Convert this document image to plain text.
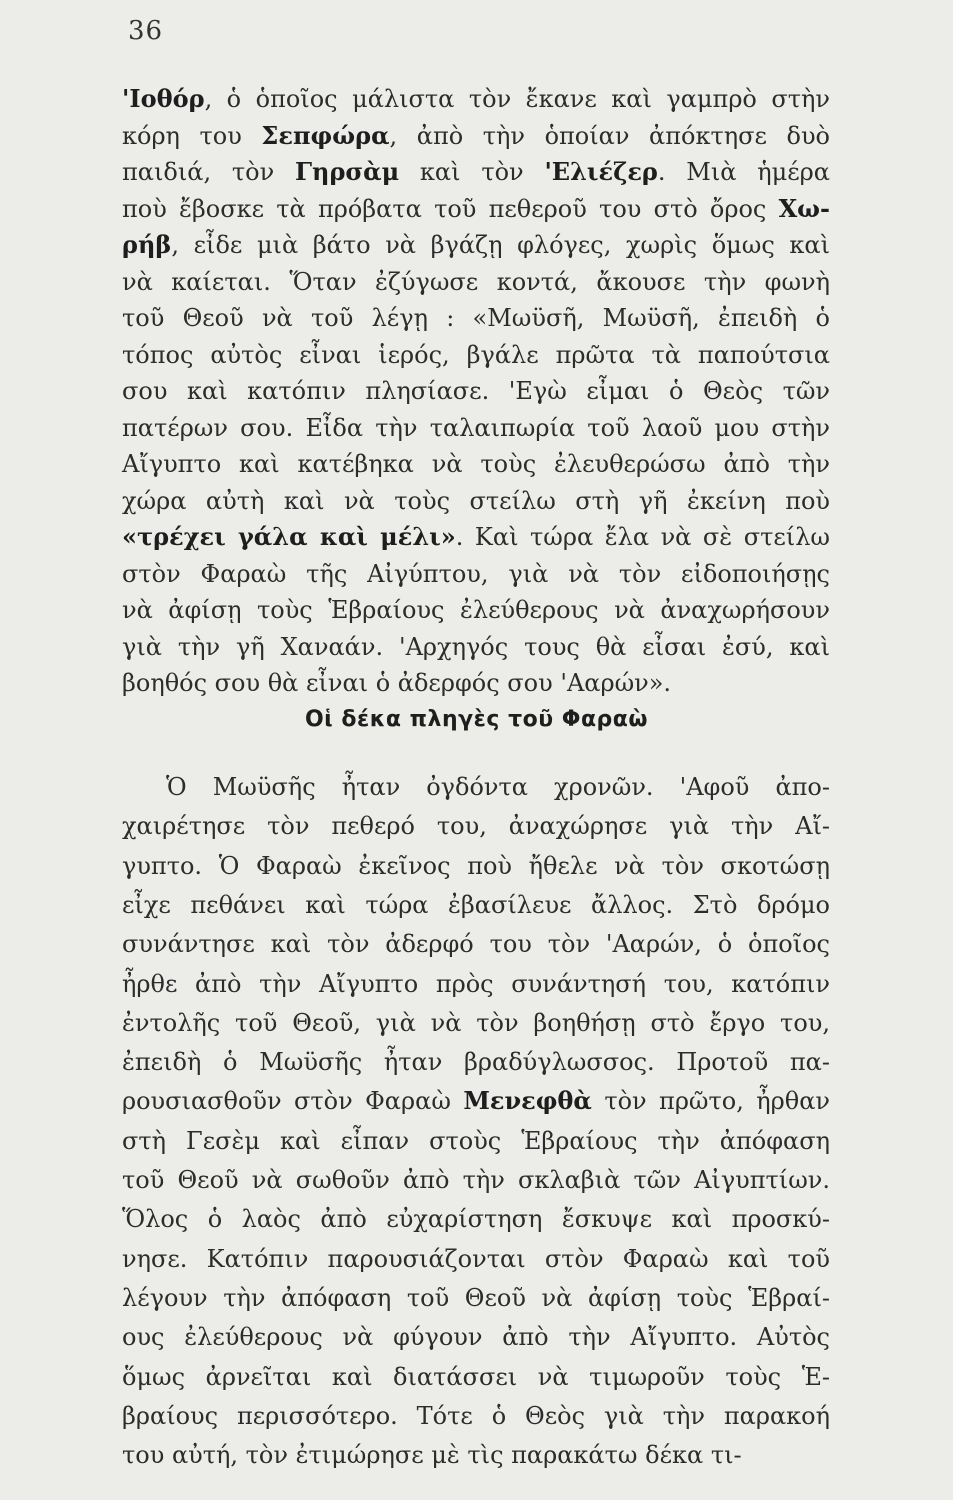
36
'Ιοθόρ, ὁ ὁποῖος μάλιστα τὸν ἔκανε καὶ γαμπρὸ στὴν
κόρη του Σεπφώρα, ἀπὸ τὴν ὁποίαν ἀπόκτησε δυὸ
παιδιά, τὸν Γηρσὰμ καὶ τὸν 'Ελιέζερ. Μιὰ ἡμέρα
ποὺ ἔβοσκε τὰ πρόβατα τοῦ πεθεροῦ του στὸ ὄρος Χω-
ρήβ, εἶδε μιὰ βάτο νὰ βγάζῃ φλόγες, χωρὶς ὅμως καὶ
νὰ καίεται. Ὅταν ἐζύγωσε κοντά, ἄκουσε τὴν φωνὴ
τοῦ Θεοῦ νὰ τοῦ λέγῃ : «Μωϋσῆ, Μωϋσῆ, ἐπειδὴ ὁ
τόπος αὐτὸς εἶναι ἱερός, βγάλε πρῶτα τὰ παπούτσια
σου καὶ κατόπιν πλησίασε. 'Εγὼ εἶμαι ὁ Θεὸς τῶν
πατέρων σου. Εἶδα τὴν ταλαιπωρία τοῦ λαοῦ μου στὴν
Αἴγυπτο καὶ κατέβηκα νὰ τοὺς ἐλευθερώσω ἀπὸ τὴν
χώρα αὐτὴ καὶ νὰ τοὺς στείλω στὴ γῆ ἐκείνη ποὺ
«τρέχει γάλα καὶ μέλι». Καὶ τώρα ἔλα νὰ σὲ στείλω
στὸν Φαραὼ τῆς Αἰγύπτου, γιὰ νὰ τὸν εἰδοποιήσῃς
νὰ ἀφίσῃ τοὺς Ἑβραίους ἐλεύθερους νὰ ἀναχωρήσουν
γιὰ τὴν γῆ Χαναάν. 'Αρχηγός τους θὰ εἶσαι ἐσύ, καὶ
βοηθός σου θὰ εἶναι ὁ ἀδερφός σου 'Ααρών».
Οἱ δέκα πληγὲς τοῦ Φαραὼ
Ὁ Μωϋσῆς ἦταν ὀγδόντα χρονῶν. 'Αφοῦ ἀπο-
χαιρέτησε τὸν πεθερό του, ἀναχώρησε γιὰ τὴν Αἴ-
γυπτο. Ὁ Φαραὼ ἐκεῖνος ποὺ ἤθελε νὰ τὸν σκοτώσῃ
εἶχε πεθάνει καὶ τώρα ἐβασίλευε ἄλλος. Στὸ δρόμο
συνάντησε καὶ τὸν ἀδερφό του τὸν 'Ααρών, ὁ ὁποῖος
ἦρθε ἀπὸ τὴν Αἴγυπτο πρὸς συνάντησή του, κατόπιν
ἐντολῆς τοῦ Θεοῦ, γιὰ νὰ τὸν βοηθήσῃ στὸ ἔργο του,
ἐπειδὴ ὁ Μωϋσῆς ἦταν βραδύγλωσσος. Προτοῦ πα-
ρουσιασθοῦν στὸν Φαραὼ Μενεφθὰ τὸν πρῶτο, ἦρθαν
στὴ Γεσὲμ καὶ εἶπαν στοὺς Ἑβραίους τὴν ἀπόφαση
τοῦ Θεοῦ νὰ σωθοῦν ἀπὸ τὴν σκλαβιὰ τῶν Αἰγυπτίων.
Ὅλος ὁ λαὸς ἀπὸ εὐχαρίστηση ἔσκυψε καὶ προσκύ-
νησε. Κατόπιν παρουσιάζονται στὸν Φαραὼ καὶ τοῦ
λέγουν τὴν ἀπόφαση τοῦ Θεοῦ νὰ ἀφίσῃ τοὺς Ἑβραί-
ους ἐλεύθερους νὰ φύγουν ἀπὸ τὴν Αἴγυπτο. Αὐτὸς
ὅμως ἀρνεῖται καὶ διατάσσει νὰ τιμωροῦν τοὺς Ἑ-
βραίους περισσότερο. Τότε ὁ Θεὸς γιὰ τὴν παρακοή
του αὐτή, τὸν ἐτιμώρησε μὲ τὶς παρακάτω δέκα τι-
